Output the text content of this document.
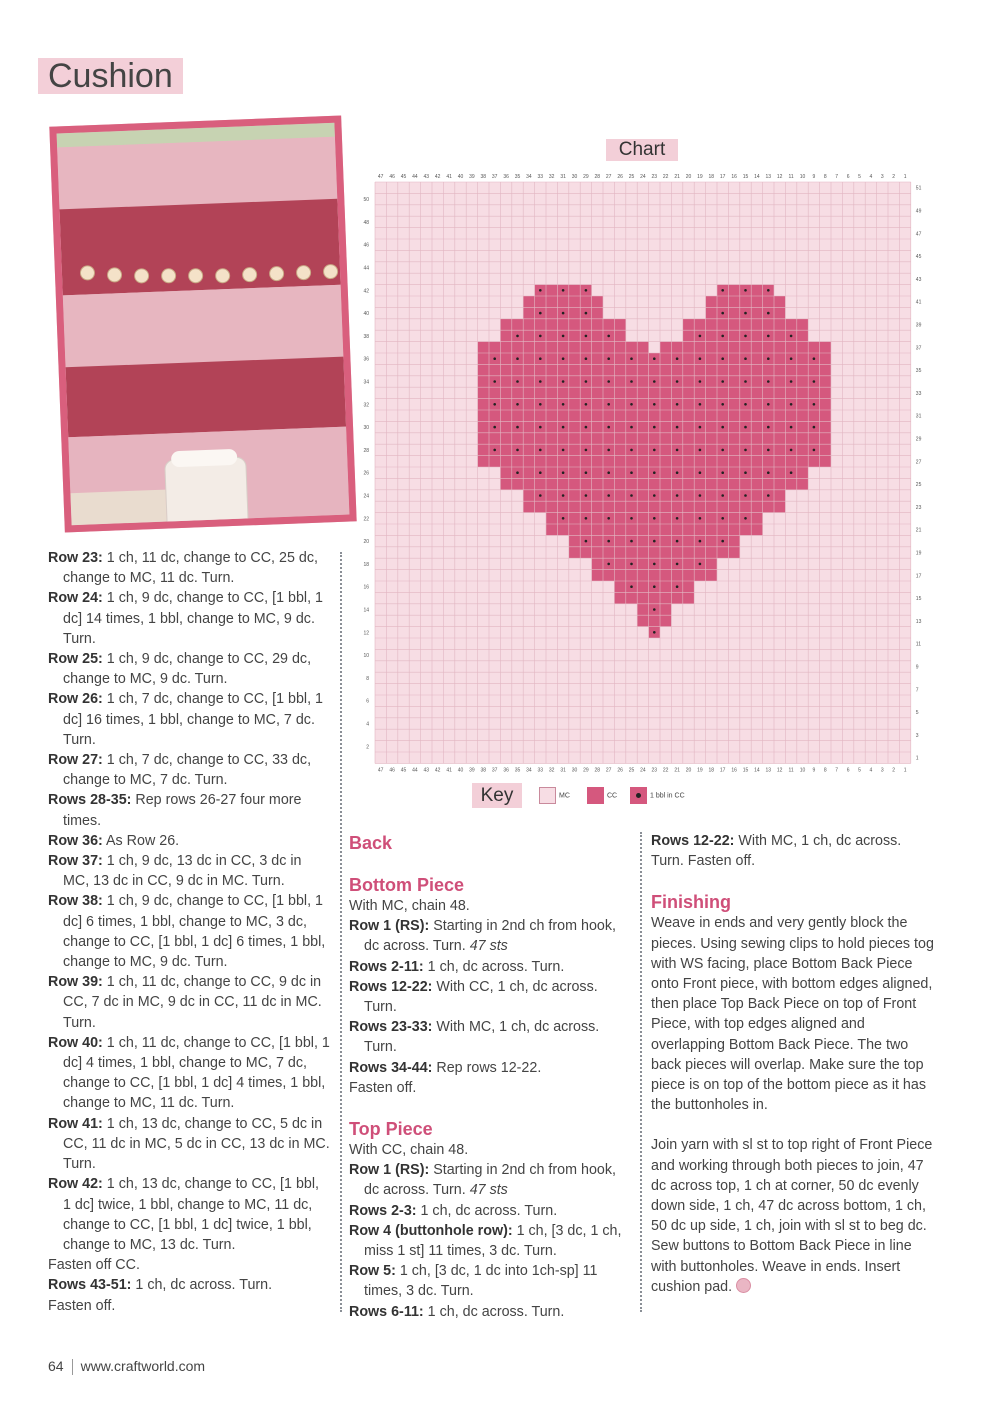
Cushion

Row 23: 1 ch, 11 dc, change to CC, 25 dc, change to MC, 11 dc. Turn.

Row 24: 1 ch, 9 dc, change to CC, [1 bbl, 1 dc] 14 times, 1 bbl, change to MC, 9 dc. Turn.

Row 25: 1 ch, 9 dc, change to CC, 29 dc, change to MC, 9 dc. Turn.

Row 26: 1 ch, 7 dc, change to CC, [1 bbl, 1 dc] 16 times, 1 bbl, change to MC, 7 dc. Turn.

Row 27: 1 ch, 7 dc, change to CC, 33 dc, change to MC, 7 dc. Turn.

Rows 28-35: Rep rows 26-27 four more times.

Row 36: As Row 26.

Row 37: 1 ch, 9 dc, 13 dc in CC, 3 dc in MC, 13 dc in CC, 9 dc in MC. Turn.

Row 38: 1 ch, 9 dc, change to CC, [1 bbl, 1 dc] 6 times, 1 bbl, change to MC, 3 dc, change to CC, [1 bbl, 1 dc] 6 times, 1 bbl, change to MC, 9 dc. Turn.

Row 39: 1 ch, 11 dc, change to CC, 9 dc in CC, 7 dc in MC, 9 dc in CC, 11 dc in MC. Turn.

Row 40: 1 ch, 11 dc, change to CC, [1 bbl, 1 dc] 4 times, 1 bbl, change to MC, 7 dc, change to CC, [1 bbl, 1 dc] 4 times, 1 bbl, change to MC, 11 dc. Turn.

Row 41: 1 ch, 13 dc, change to CC, 5 dc in CC, 11 dc in MC, 5 dc in CC, 13 dc in MC. Turn.

Row 42: 1 ch, 13 dc, change to CC, [1 bbl, 1 dc] twice, 1 bbl, change to MC, 11 dc, change to CC, [1 bbl, 1 dc] twice, 1 bbl, change to MC, 13 dc. Turn.

Fasten off CC.

Rows 43-51: 1 ch, dc across. Turn.

Fasten off.

Chart
47
47
46
46
45
45
44
44
43
43
42
42
41
41
40
40
39
39
38
38
37
37
36
36
35
35
34
34
33
33
32
32
31
31
30
30
29
29
28
28
27
27
26
26
25
25
24
24
23
23
22
22
21
21
20
20
19
19
18
18
17
17
16
16
15
15
14
14
13
13
12
12
11
11
10
10
9
9
8
8
7
7
6
6
5
5
4
4
3
3
2
2
1
1
51
49
47
45
43
41
39
37
35
33
31
29
27
25
23
21
19
17
15
13
11
9
7
5
3
1
50
48
46
44
42
40
38
36
34
32
30
28
26
24
22
20
18
16
14
12
10
8
6
4
2
Key	MC	CC	1 bbl in CC
Back
Bottom Piece

With MC, chain 48.

Row 1 (RS): Starting in 2nd ch from hook, dc across. Turn. 47 sts

Rows 2-11: 1 ch, dc across. Turn.

Rows 12-22: With CC, 1 ch, dc across. Turn.

Rows 23-33: With MC, 1 ch, dc across. Turn.

Rows 34-44: Rep rows 12-22.

Fasten off.

Top Piece

With CC, chain 48.

Row 1 (RS): Starting in 2nd ch from hook, dc across. Turn. 47 sts

Rows 2-3: 1 ch, dc across. Turn.

Row 4 (buttonhole row): 1 ch, [3 dc, 1 ch, miss 1 st] 11 times, 3 dc. Turn.

Row 5: 1 ch, [3 dc, 1 dc into 1ch-sp] 11 times, 3 dc. Turn.

Rows 6-11: 1 ch, dc across. Turn.

Rows 12-22: With MC, 1 ch, dc across. Turn. Fasten off.

Finishing

Weave in ends and very gently block the pieces. Using sewing clips to hold pieces tog with WS facing, place Bottom Back Piece onto Front piece, with bottom edges aligned, then place Top Back Piece on top of Front Piece, with top edges aligned and overlapping Bottom Back Piece. The two back pieces will overlap. Make sure the top piece is on top of the bottom piece as it has the buttonholes in.

Join yarn with sl st to top right of Front Piece and working through both pieces to join, 47 dc across top, 1 ch at corner, 50 dc evenly down side, 1 ch, 47 dc across bottom, 1 ch, 50 dc up side, 1 ch, join with sl st to beg dc. Sew buttons to Bottom Back Piece in line with buttonholes. Weave in ends. Insert cushion pad.

64 www.craftworld.com
